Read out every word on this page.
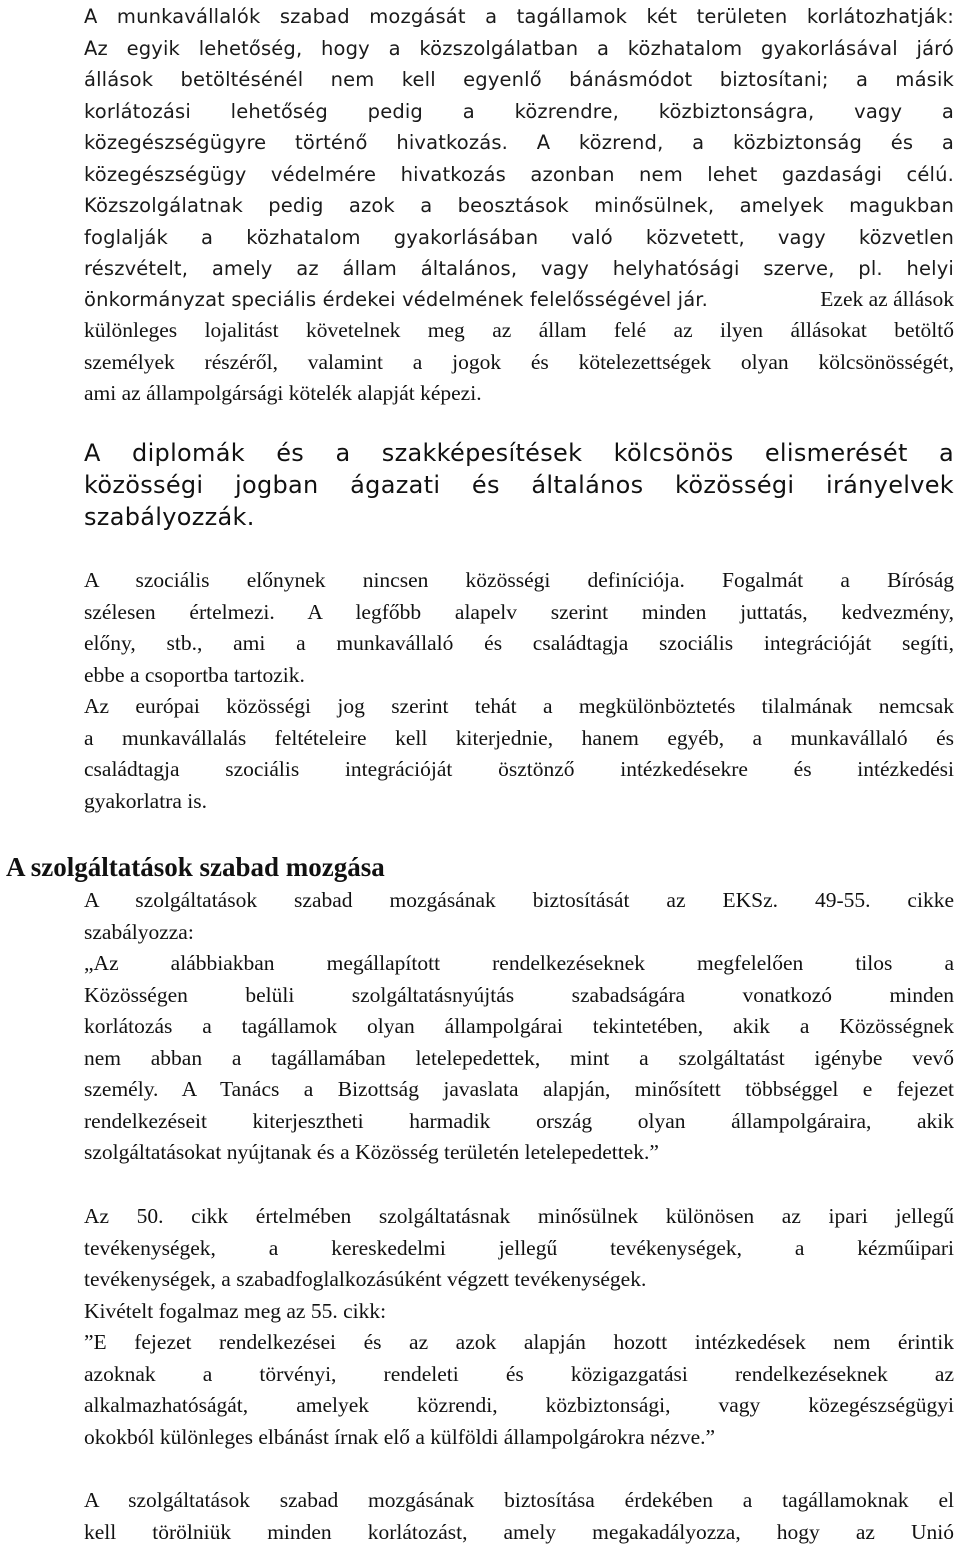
A munkavállalók szabad mozgását a tagállamok két területen korlátozhatják:
Az egyik lehetőség, hogy a közszolgálatban a közhatalom gyakorlásával járó
állások betöltésénél nem kell egyenlő bánásmódot biztosítani; a másik
korlátozási lehetőség pedig a közrendre, közbiztonságra, vagy a
közegészségügyre történő hivatkozás. A közrend, a közbiztonság és a
közegészségügy védelmére hivatkozás azonban nem lehet gazdasági célú.
Közszolgálatnak pedig azok a beosztások minősülnek, amelyek magukban
foglalják a közhatalom gyakorlásában való közvetett, vagy közvetlen
részvételt, amely az állam általános, vagy helyhatósági szerve, pl. helyi
önkormányzat speciális érdekei védelmének felelősségével jár.	Ezek az állások
különleges lojalitást követelnek meg az állam felé az ilyen állásokat betöltő
személyek részéről, valamint a jogok és kötelezettségek olyan kölcsönösségét,
ami az állampolgársági kötelék alapját képezi.
A diplomák és a szakképesítések kölcsönös elismerését a
közösségi jogban ágazati és általános közösségi irányelvek
szabályozzák.
A szociális előnynek nincsen közösségi definíciója. Fogalmát a Bíróság
szélesen értelmezi. A legfőbb alapelv szerint minden juttatás, kedvezmény,
előny, stb., ami a munkavállaló és családtagja szociális integrációját segíti,
ebbe a csoportba tartozik.
Az európai közösségi jog szerint tehát a megkülönböztetés tilalmának nemcsak
a munkavállalás feltételeire kell kiterjednie, hanem egyéb, a munkavállaló és
családtagja szociális integrációját ösztönző intézkedésekre és intézkedési
gyakorlatra is.
A szolgáltatások szabad mozgása
A szolgáltatások szabad mozgásának biztosítását az EKSz. 49-55. cikke
szabályozza:
„Az alábbiakban megállapított rendelkezéseknek megfelelően tilos a
Közösségen belüli szolgáltatásnyújtás szabadságára vonatkozó minden
korlátozás a tagállamok olyan állampolgárai tekintetében, akik a Közösségnek
nem abban a tagállamában letelepedettek, mint a szolgáltatást igénybe vevő
személy. A Tanács a Bizottság javaslata alapján, minősített többséggel e fejezet
rendelkezéseit kiterjesztheti harmadik ország olyan állampolgáraira, akik
szolgáltatásokat nyújtanak és a Közösség területén letelepedettek.”
Az 50. cikk értelmében szolgáltatásnak minősülnek különösen az ipari jellegű
tevékenységek, a kereskedelmi jellegű tevékenységek, a kézműipari
tevékenységek, a szabadfoglalkozásúként végzett tevékenységek.
Kivételt fogalmaz meg az 55. cikk:
”E fejezet rendelkezései és az azok alapján hozott intézkedések nem érintik
azoknak a törvényi, rendeleti és közigazgatási rendelkezéseknek az
alkalmazhatóságát, amelyek közrendi, közbiztonsági, vagy közegészségügyi
okokból különleges elbánást írnak elő a külföldi állampolgárokra nézve.”
A szolgáltatások szabad mozgásának biztosítása érdekében a tagállamoknak el
kell törölniük minden korlátozást, amely megakadályozza, hogy az Unió
